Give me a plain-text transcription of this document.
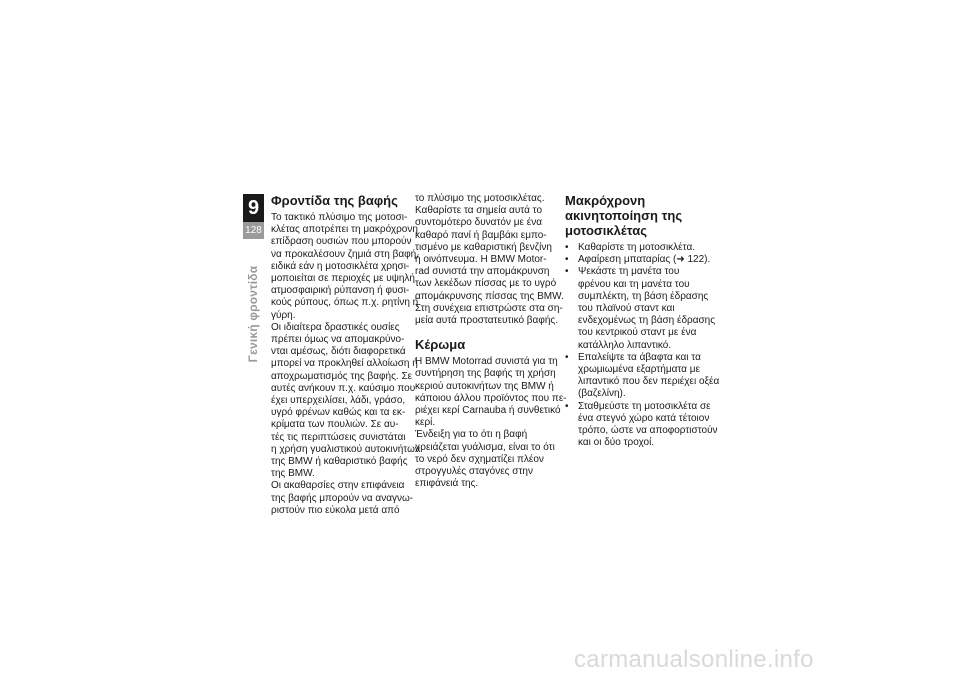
9
128
Γενική φροντίδα
Φροντίδα της βαφής
Το τακτικό πλύσιμο της μοτοσι-
κλέτας αποτρέπει τη μακρόχρονη
επίδραση ουσιών που μπορούν
να προκαλέσουν ζημιά στη βαφή,
ειδικά εάν η μοτοσικλέτα χρησι-
μοποιείται σε περιοχές με υψηλή
ατμοσφαιρική ρύπανση ή φυσι-
κούς ρύπους, όπως π.χ. ρητίνη ή
γύρη.
Οι ιδιαίτερα δραστικές ουσίες
πρέπει όμως να απομακρύνο-
νται αμέσως, διότι διαφορετικά
μπορεί να προκληθεί αλλοίωση ή
αποχρωματισμός της βαφής. Σε
αυτές ανήκουν π.χ. καύσιμο που
έχει υπερχειλίσει, λάδι, γράσο,
υγρό φρένων καθώς και τα εκ-
κρίματα των πουλιών. Σε αυ-
τές τις περιπτώσεις συνιστάται
η χρήση γυαλιστικού αυτοκινήτων
της BMW ή καθαριστικό βαφής
της BMW.
Οι ακαθαρσίες στην επιφάνεια
της βαφής μπορούν να αναγνω-
ριστούν πιο εύκολα μετά από
το πλύσιμο της μοτοσικλέτας.
Καθαρίστε τα σημεία αυτά το
συντομότερο δυνατόν με ένα
καθαρό πανί ή βαμβάκι εμπο-
τισμένο με καθαριστική βενζίνη
ή οινόπνευμα. Η BMW Motor-
rad συνιστά την απομάκρυνση
των λεκέδων πίσσας με το υγρό
απομάκρυνσης πίσσας της BMW.
Στη συνέχεια επιστρώστε στα ση-
μεία αυτά προστατευτικό βαφής.
Κέρωμα
Η BMW Motorrad συνιστά για τη
συντήρηση της βαφής τη χρήση
κεριού αυτοκινήτων της BMW ή
κάποιου άλλου προϊόντος που πε-
ριέχει κερί Carnauba ή συνθετικό
κερί.
Ένδειξη για το ότι η βαφή
χρειάζεται γυάλισμα, είναι το ότι
το νερό δεν σχηματίζει πλέον
στρογγυλές σταγόνες στην
επιφάνειά της.
Μακρόχρονη
ακινητοποίηση της
μοτοσικλέτας
• Καθαρίστε τη μοτοσικλέτα.
• Αφαίρεση μπαταρίας (➜ 122).
• Ψεκάστε τη μανέτα του
φρένου και τη μανέτα του
συμπλέκτη, τη βάση έδρασης
του πλαϊνού σταντ και
ενδεχομένως τη βάση έδρασης
του κεντρικού σταντ με ένα
κατάλληλο λιπαντικό.
• Επαλείψτε τα άβαφτα και τα
χρωμιωμένα εξαρτήματα με
λιπαντικό που δεν περιέχει οξέα
(βαζελίνη).
• Σταθμεύστε τη μοτοσικλέτα σε
ένα στεγνό χώρο κατά τέτοιον
τρόπο, ώστε να αποφορτιστούν
και οι δύο τροχοί.
carmanualsonline.info
